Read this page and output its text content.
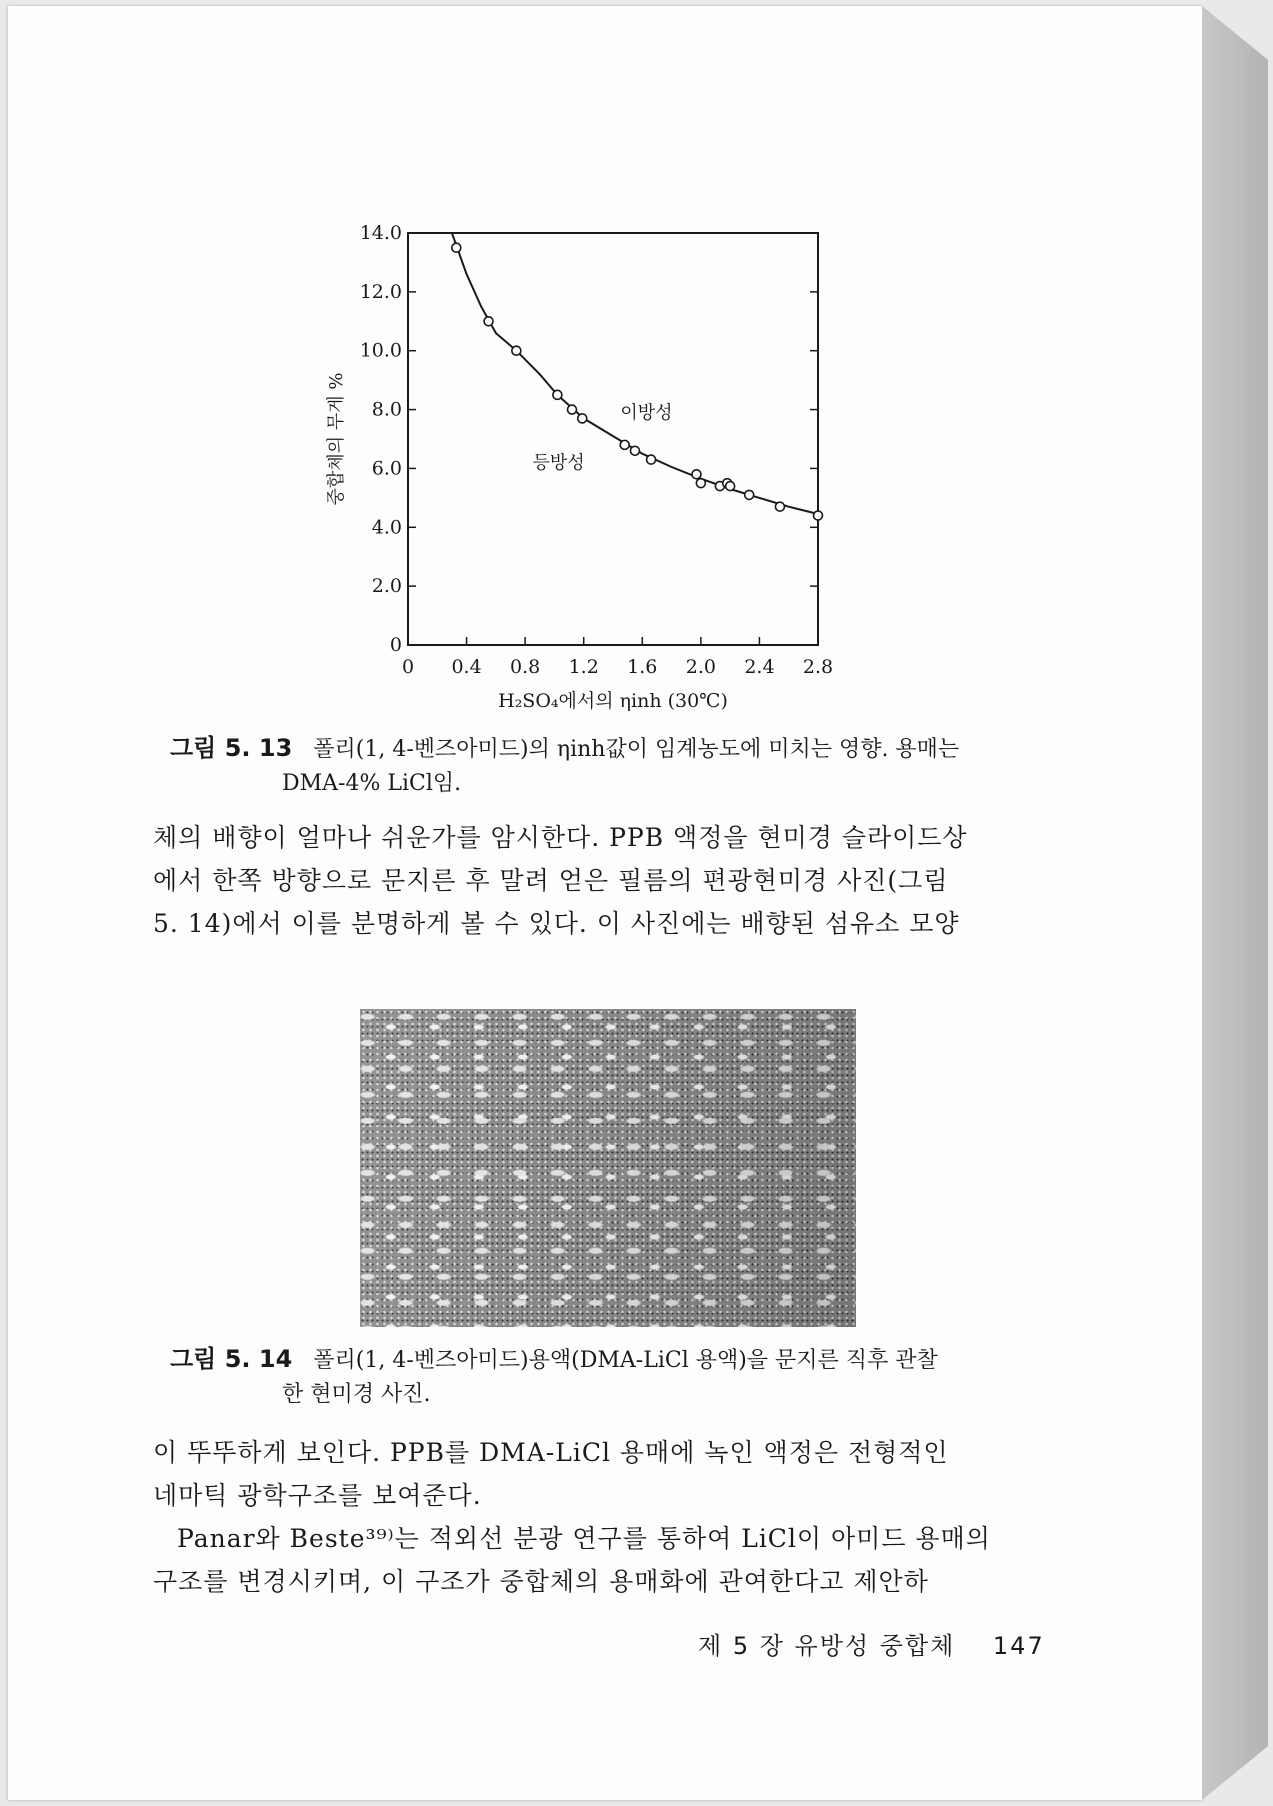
0 0.4 0.8 1.2 1.6 2.0 2.4 2.8
0
2.0
4.0
6.0
8.0
10.0
12.0
14.0
이방성
등방성
H₂SO₄에서의 ηinh (30℃)
중합체의 무게 %
그림 5. 13 폴리(1, 4-벤즈아미드)의 ηinh값이 임계농도에 미치는 영향. 용매는
DMA-4% LiCl임.
체의 배향이 얼마나 쉬운가를 암시한다. PPB 액정을 현미경 슬라이드상
에서 한쪽 방향으로 문지른 후 말려 얻은 필름의 편광현미경 사진(그림
5. 14)에서 이를 분명하게 볼 수 있다. 이 사진에는 배향된 섬유소 모양
그림 5. 14 폴리(1, 4-벤즈아미드)용액(DMA-LiCl 용액)을 문지른 직후 관찰
한 현미경 사진.
이 뚜뚜하게 보인다. PPB를 DMA-LiCl 용매에 녹인 액정은 전형적인
네마틱 광학구조를 보여준다.
Panar와 Beste³⁹⁾는 적외선 분광 연구를 통하여 LiCl이 아미드 용매의
구조를 변경시키며, 이 구조가 중합체의 용매화에 관여한다고 제안하
제 5 장 유방성 중합체 147
